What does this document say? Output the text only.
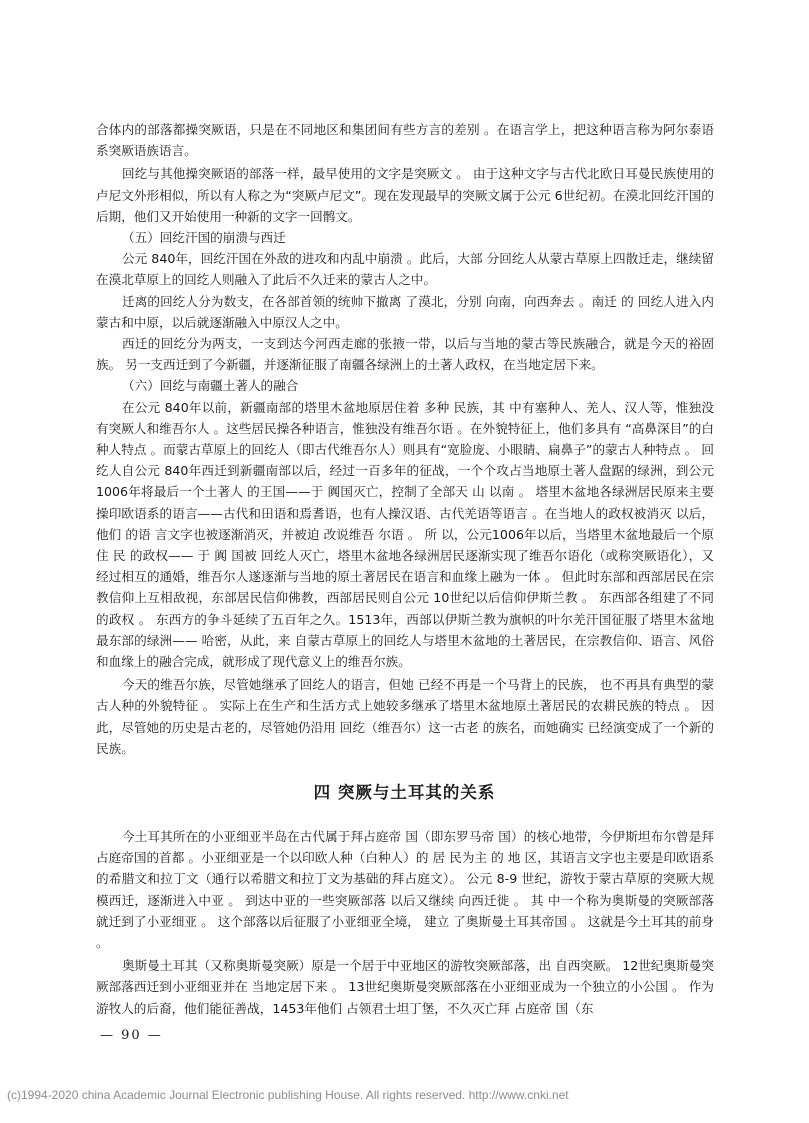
合体内的部落都操突厥语，只是在不同地区和集团间有些方言的差别 。在语言学上，把这种语言称为阿尔泰语系突厥语族语言。

回纥与其他操突厥语的部落一样，最早使用的文字是突厥文 。 由于这种文字与古代北欧日耳曼民族使用的卢尼文外形相似，所以有人称之为“突厥卢尼文”。现在发现最早的突厥文属于公元 6世纪初。在漠北回纥汗国的后期，他们又开始使用一种新的文字一回鹘文。

（五）回纥汗国的崩溃与西迁

公元 840年，回纥汗国在外敌的进攻和内乱中崩溃 。此后，大部 分回纥人从蒙古草原上四散迁走，继续留在漠北草原上的回纥人则融入了此后不久迁来的蒙古人之中。

迁离的回纥人分为数支，在各部首领的统帅下撤离 了漠北，分别 向南，向西奔去 。南迁 的 回纥人进入内蒙古和中原，以后就逐渐融入中原汉人之中。

西迁的回纥分为两支，一支到达今河西走廊的张掖一带，以后与当地的蒙古等民族融合，就是今天的裕固族。 另一支西迁到了今新疆，并逐渐征服了南疆各绿洲上的土著人政权，在当地定居下来。

（六）回纥与南疆土著人的融合

在公元 840年以前，新疆南部的塔里木盆地原居住着 多种 民族，其 中有塞种人、羌人、汉人等，惟独没有突厥人和维吾尔人 。这些居民操各种语言，惟独没有维吾尔语 。在外貌特征上，他们多具有 “高鼻深目”的白种人特点 。而蒙古草原上的回纥人（即古代维吾尔人）则具有“宽脸庞、小眼睛、扁鼻子”的蒙古人种特点 。 回纥人自公元 840年西迁到新疆南部以后，经过一百多年的征战，一个个攻占当地原土著人盘踞的绿洲，到公元 1006年将最后一个土著人 的王国——于 阗国灭亡，控制了全部天 山 以南 。 塔里木盆地各绿洲居民原来主要操印欧语系的语言——古代和田语和焉耆语，也有人操汉语、古代羌语等语言 。在当地人的政权被消灭 以后，他们 的语 言文字也被逐渐消灭，并被迫 改说维吾 尔语 。 所 以，公元1006年以后，当塔里木盆地最后一个原住 民 的政权—— 于 阗 国被 回纥人灭亡，塔里木盆地各绿洲居民逐渐实现了维吾尔语化（或称突厥语化），又经过相互的通婚，维吾尔人遂逐渐与当地的原土著居民在语言和血缘上融为一体 。 但此时东部和西部居民在宗教信仰上互相敌视，东部居民信仰佛教，西部居民则自公元 10世纪以后信仰伊斯兰教 。 东西部各组建了不同的政权 。 东西方的争斗延续了五百年之久。1513年，西部以伊斯兰教为旗帜的叶尔羌汗国征服了塔里木盆地最东部的绿洲—— 哈密，从此，来 自蒙古草原上的回纥人与塔里木盆地的土著居民，在宗教信仰、语言、风俗和血缘上的融合完成，就形成了现代意义上的维吾尔族。

今天的维吾尔族，尽管她继承了回纥人的语言，但她 已经不再是一个马背上的民族， 也不再具有典型的蒙古人种的外貌特征 。 实际上在生产和生活方式上她较多继承了塔里木盆地原土著居民的农耕民族的特点 。 因此，尽管她的历史是古老的，尽管她仍沿用 回纥（维吾尔）这一古老 的族名，而她确实 已经演变成了一个新的民族。

四 突厥与土耳其的关系

今土耳其所在的小亚细亚半岛在古代属于拜占庭帝 国（即东罗马帝 国）的核心地带，今伊斯坦布尔曾是拜占庭帝国的首都 。小亚细亚是一个以印欧人种（白种人）的 居 民为主 的 地 区，其语言文字也主要是印欧语系的希腊文和拉丁文（通行以希腊文和拉丁文为基础的拜占庭文）。 公元 8-9 世纪，游牧于蒙古草原的突厥大规模西迁，逐渐进入中亚 。 到达中亚的一些突厥部落 以后又继续 向西迁徙 。 其 中一个称为奥斯曼的突厥部落就迁到了小亚细亚 。 这个部落以后征服了小亚细亚全境， 建立 了奥斯曼土耳其帝国 。 这就是今土耳其的前身 。

奥斯曼土耳其（又称奥斯曼突厥）原是一个居于中亚地区的游牧突厥部落，出 自西突厥。 12世纪奥斯曼突厥部落西迁到小亚细亚并在 当地定居下来 。 13世纪奥斯曼突厥部落在小亚细亚成为一个独立的小公国 。 作为游牧人的后裔，他们能征善战，1453年他们 占领君士坦丁堡，不久灭亡拜 占庭帝 国（东

— 90 —

(c)1994-2020 china Academic Journal Electronic publishing House. All rights reserved. http://www.cnki.net
